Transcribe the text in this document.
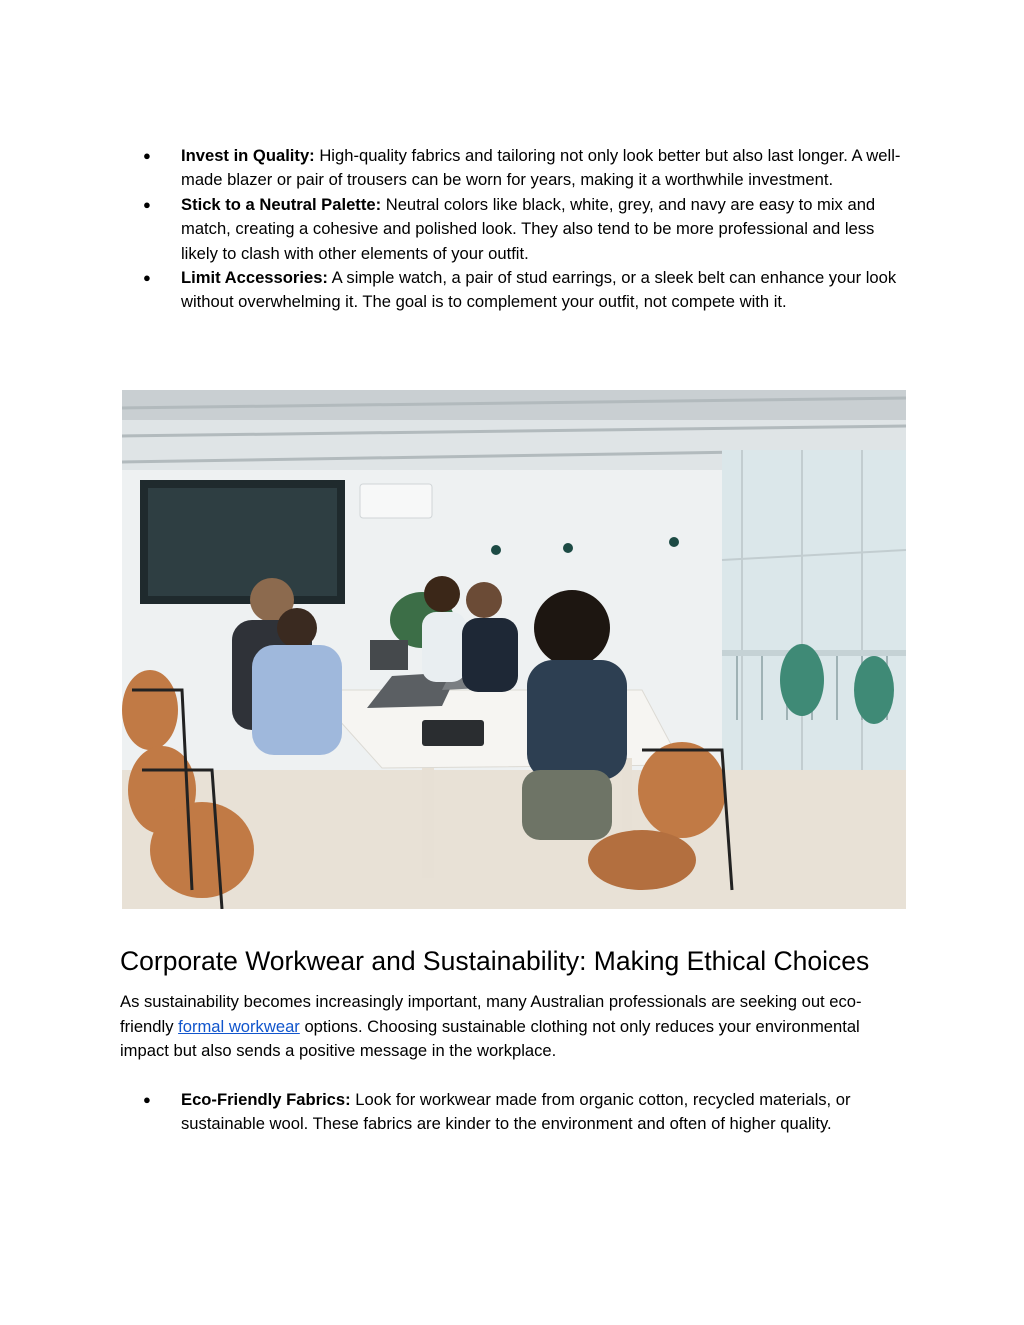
● Invest in Quality: High-quality fabrics and tailoring not only look better but also last longer. A well-made blazer or pair of trousers can be worn for years, making it a worthwhile investment.
● Stick to a Neutral Palette: Neutral colors like black, white, grey, and navy are easy to mix and match, creating a cohesive and polished look. They also tend to be more professional and less likely to clash with other elements of your outfit.
● Limit Accessories: A simple watch, a pair of stud earrings, or a sleek belt can enhance your look without overwhelming it. The goal is to complement your outfit, not compete with it.
Corporate Workwear and Sustainability: Making Ethical Choices

As sustainability becomes increasingly important, many Australian professionals are seeking out eco-friendly formal workwear options. Choosing sustainable clothing not only reduces your environmental impact but also sends a positive message in the workplace.

● Eco-Friendly Fabrics: Look for workwear made from organic cotton, recycled materials, or sustainable wool. These fabrics are kinder to the environment and often of higher quality.
